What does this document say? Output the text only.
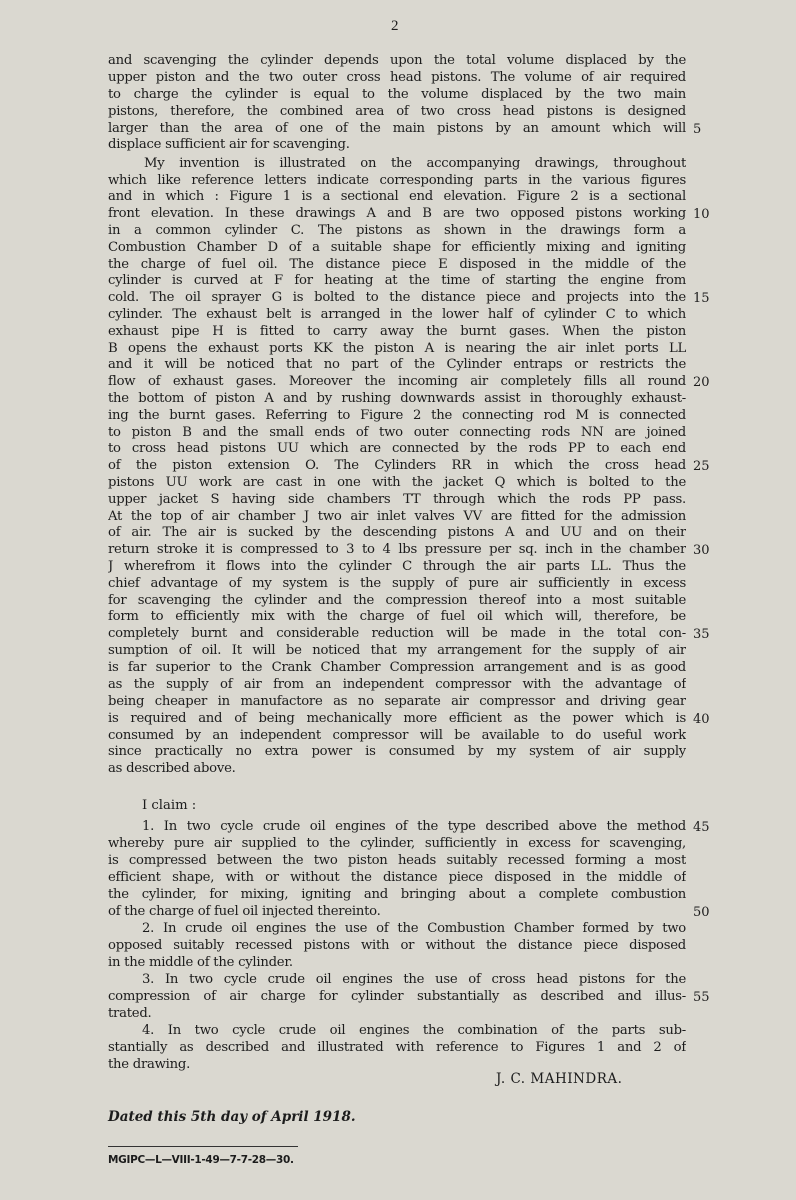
2
and scavenging the cylinder depends upon the total volume displaced by the
upper piston and the two outer cross head pistons. The volume of air required
to charge the cylinder is equal to the volume displaced by the two main
pistons, therefore, the combined area of two cross head pistons is designed
larger than the area of one of the main pistons by an amount which will
displace sufficient air for scavenging.
My invention is illustrated on the accompanying drawings, throughout
which like reference letters indicate corresponding parts in the various figures
and in which : Figure 1 is a sectional end elevation. Figure 2 is a sectional
front elevation. In these drawings A and B are two opposed pistons working
in a common cylinder C. The pistons as shown in the drawings form a
Combustion Chamber D of a suitable shape for efficiently mixing and igniting
the charge of fuel oil. The distance piece E disposed in the middle of the
cylinder is curved at F for heating at the time of starting the engine from
cold. The oil sprayer G is bolted to the distance piece and projects into the
cylinder. The exhaust belt is arranged in the lower half of cylinder C to which
exhaust pipe H is fitted to carry away the burnt gases. When the piston
B opens the exhaust ports KK the piston A is nearing the air inlet ports LL
and it will be noticed that no part of the Cylinder entraps or restricts the
flow of exhaust gases. Moreover the incoming air completely fills all round
the bottom of piston A and by rushing downwards assist in thoroughly exhaust-
ing the burnt gases. Referring to Figure 2 the connecting rod M is connected
to piston B and the small ends of two outer connecting rods NN are joined
to cross head pistons UU which are connected by the rods PP to each end
of the piston extension O. The Cylinders RR in which the cross head
pistons UU work are cast in one with the jacket Q which is bolted to the
upper jacket S having side chambers TT through which the rods PP pass.
At the top of air chamber J two air inlet valves VV are fitted for the admission
of air. The air is sucked by the descending pistons A and UU and on their
return stroke it is compressed to 3 to 4 lbs pressure per sq. inch in the chamber
J wherefrom it flows into the cylinder C through the air parts LL. Thus the
chief advantage of my system is the supply of pure air sufficiently in excess
for scavenging the cylinder and the compression thereof into a most suitable
form to efficiently mix with the charge of fuel oil which will, therefore, be
completely burnt and considerable reduction will be made in the total con-
sumption of oil. It will be noticed that my arrangement for the supply of air
is far superior to the Crank Chamber Compression arrangement and is as good
as the supply of air from an independent compressor with the advantage of
being cheaper in manufactore as no separate air compressor and driving gear
is required and of being mechanically more efficient as the power which is
consumed by an independent compressor will be available to do useful work
since practically no extra power is consumed by my system of air supply
as described above.
I claim :
1. In two cycle crude oil engines of the type described above the method
whereby pure air supplied to the cylinder, sufficiently in excess for scavenging,
is compressed between the two piston heads suitably recessed forming a most
efficient shape, with or without the distance piece disposed in the middle of
the cylinder, for mixing, igniting and bringing about a complete combustion
of the charge of fuel oil injected thereinto.
2. In crude oil engines the use of the Combustion Chamber formed by two
opposed suitably recessed pistons with or without the distance piece disposed
in the middle of the cylinder.
3. In two cycle crude oil engines the use of cross head pistons for the
compression of air charge for cylinder substantially as described and illus-
trated.
4. In two cycle crude oil engines the combination of the parts sub-
stantially as described and illustrated with reference to Figures 1 and 2 of
the drawing.
5
10
15
20
25
30
35
40
45
50
55
J. C. MAHINDRA.
Dated this 5th day of April 1918.
MGIPC—L—VIII-1-49—7-7-28—30.
